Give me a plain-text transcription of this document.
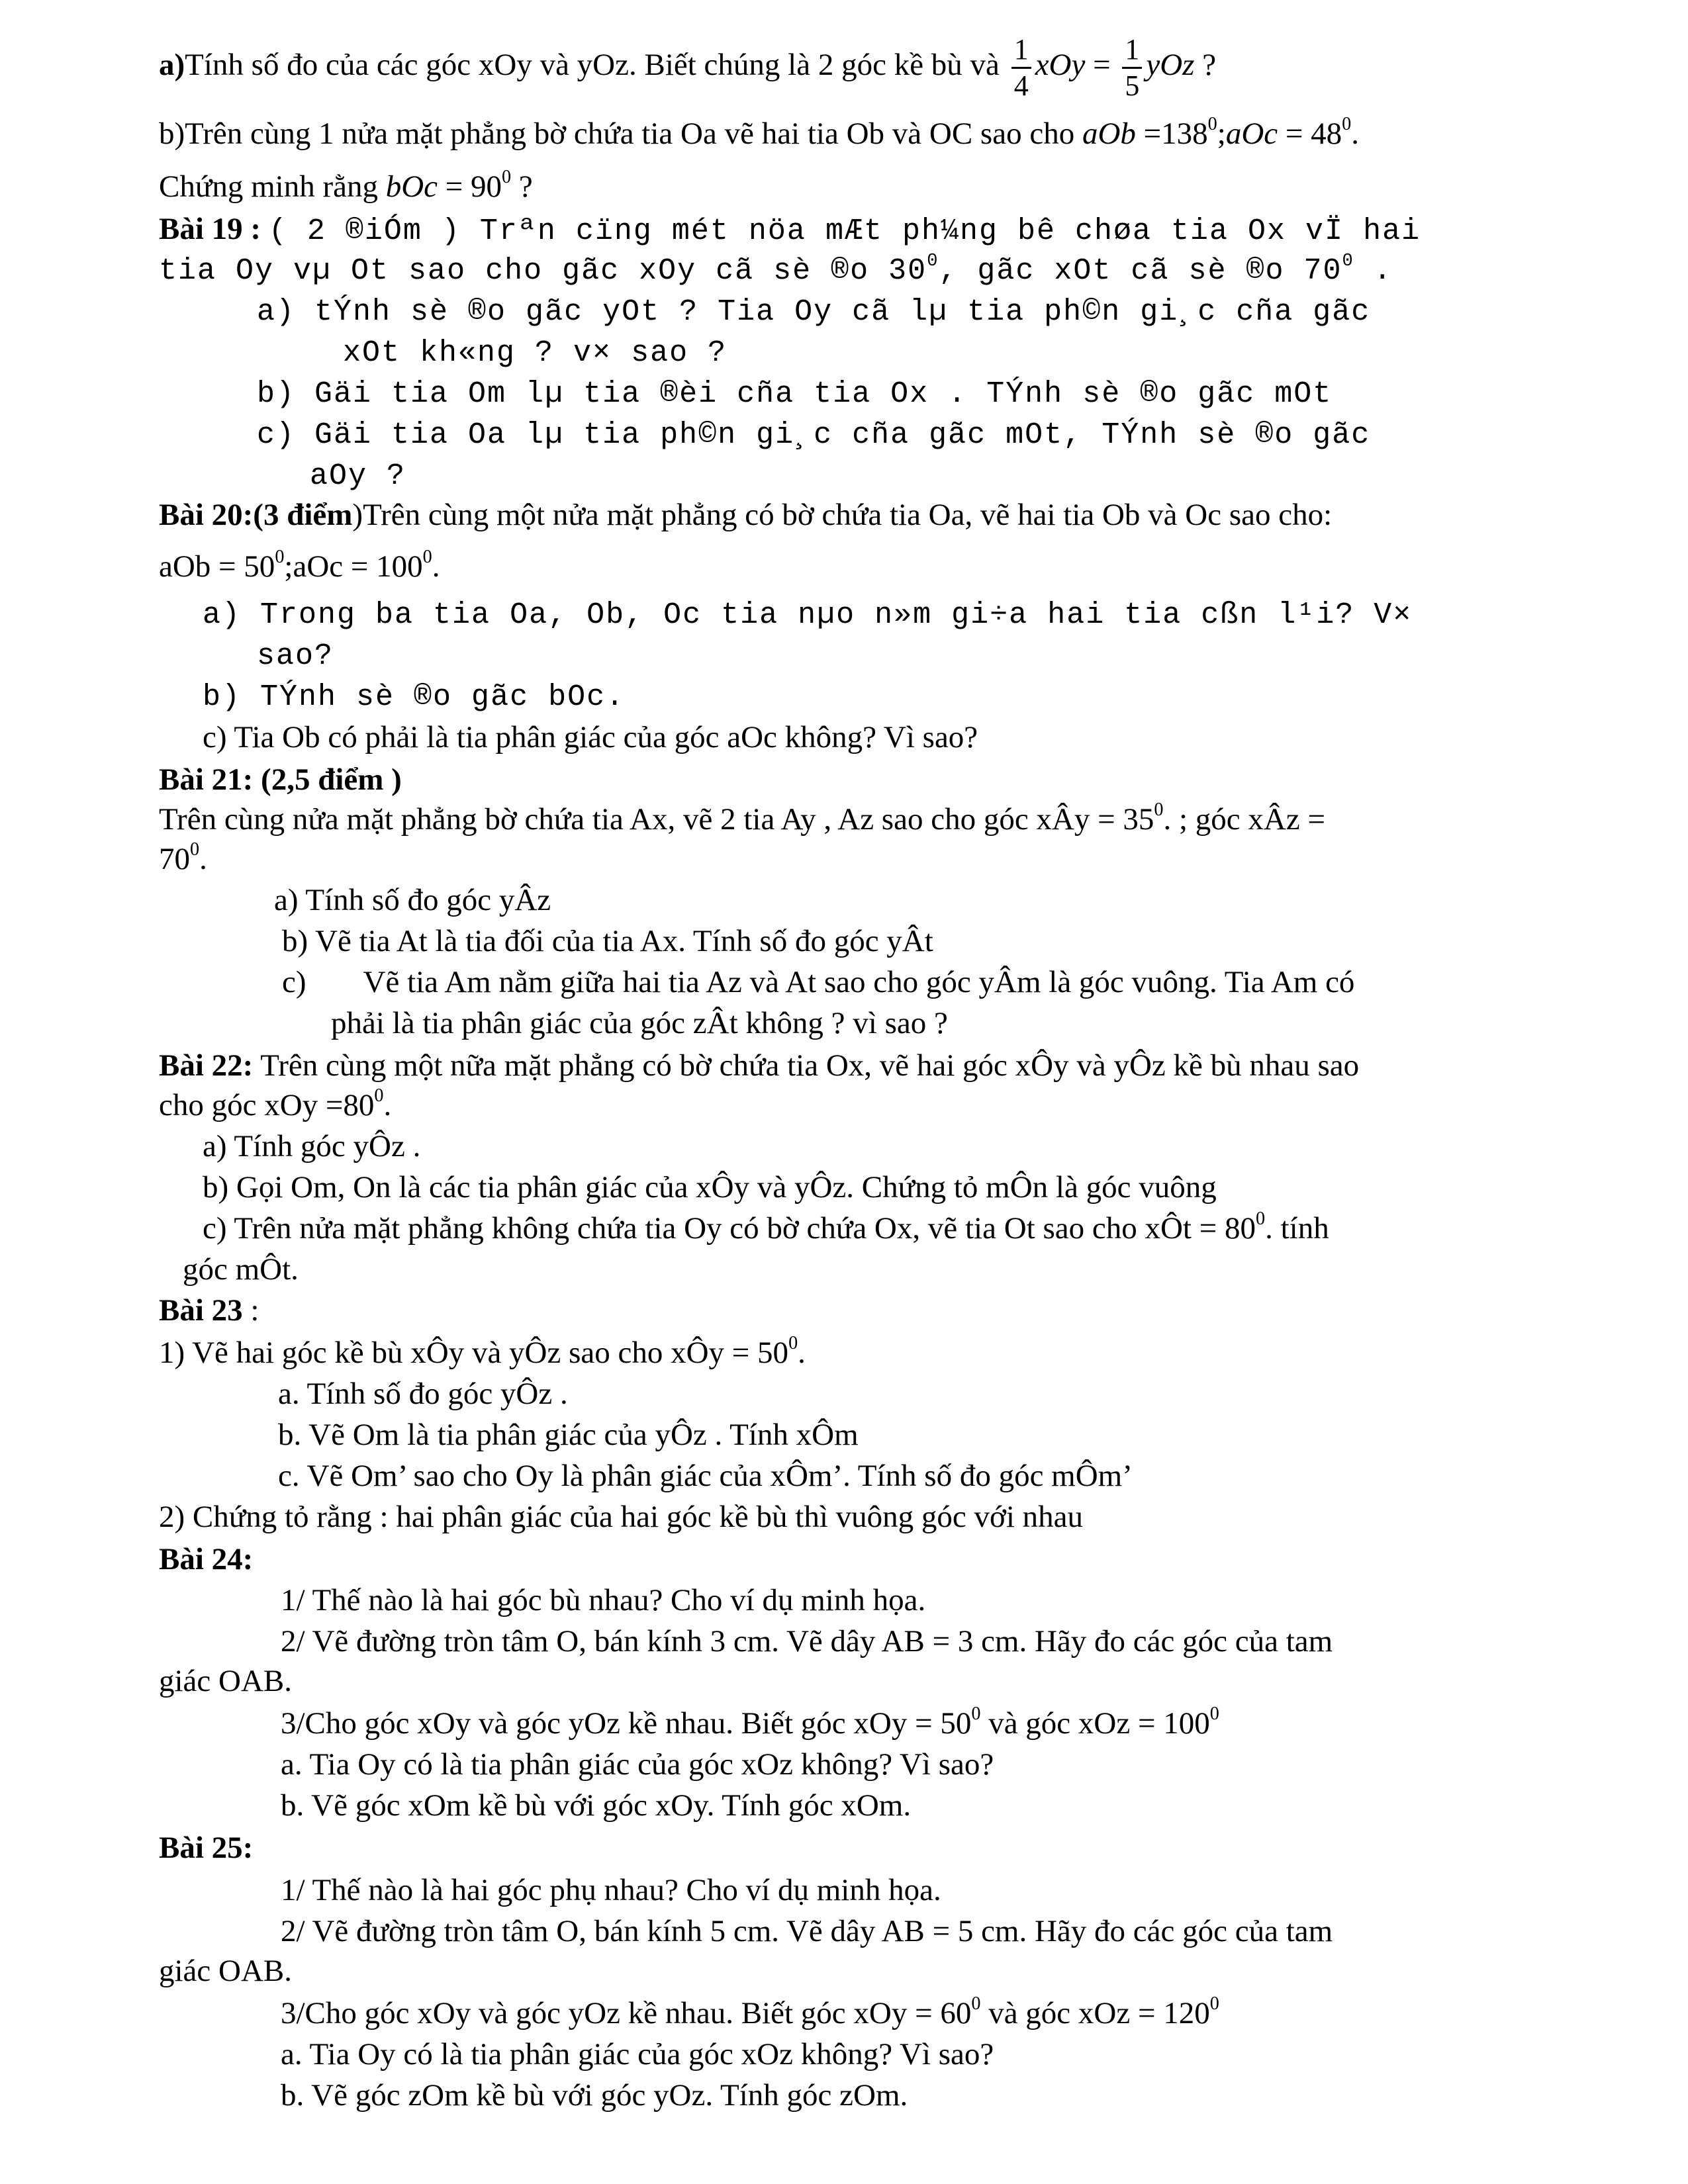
a)Tính số đo của các góc xOy và yOz. Biết chúng là 2 góc kề bù và $\frac{1}{4}$ xOy = $\frac{1}{5}$ yOz ?
b)Trên cùng 1 nửa mặt phẳng bờ chứa tia Oa vẽ hai tia Ob và OC sao cho aOb $=138^0;aOc = 48^0$.
Chứng minh rằng bOc = $90^0$ ?
Bài 19 : ( 2 ®iÓm ) Trªn cïng mét nöa mÆt ph¼ng bê chøa tia Ox vÏ hai
tia Oy vµ Ot sao cho gãc xOy cã sè ®o $30^0$, gãc xOt cã sè ®o $70^0$ .
a) tÝnh sè ®o gãc yOt ? Tia Oy cã lµ tia ph©n gi¸c cña gãc
xOt kh«ng ? v× sao ?
b) Gäi tia Om lµ tia ®èi cña tia Ox . TÝnh sè ®o gãc mOt
c) Gäi tia Oa lµ tia ph©n gi¸c cña gãc mOt, TÝnh sè ®o gãc
aOy ?
Bài 20:(3 điểm)Trên cùng một nửa mặt phẳng có bờ chứa tia Oa, vẽ hai tia Ob và Oc sao cho:
aOb = $50^0;aOc = 100^0$.
a) Trong ba tia Oa, Ob, Oc tia nµo n»m gi÷a hai tia cßn l¹i? V×
sao?
b) TÝnh sè ®o gãc bOc.
c) Tia Ob có phải là tia phân giác của góc aOc không? Vì sao?
Bài 21: (2,5 điểm )
Trên cùng nửa mặt phẳng bờ chứa tia Ax, vẽ 2 tia Ay , Az sao cho góc xÂy = $35^0$. ; góc xÂz =
$70^0$.
a) Tính số đo góc yÂz
b) Vẽ tia At là tia đối của tia Ax. Tính số đo góc yÂt
c) Vẽ tia Am nằm giữa hai tia Az và At sao cho góc yÂm là góc vuông. Tia Am có
phải là tia phân giác của góc zÂt không ? vì sao ?
Bài 22: Trên cùng một nữa mặt phẳng có bờ chứa tia Ox, vẽ hai góc xÔy và yÔz kề bù nhau sao
cho góc xOy $=80^0$.
a) Tính góc yÔz .
b) Gọi Om, On là các tia phân giác của xÔy và yÔz. Chứng tỏ mÔn là góc vuông
c) Trên nửa mặt phẳng không chứa tia Oy có bờ chứa Ox, vẽ tia Ot sao cho xÔt = $80^0$. tính
góc mÔt.
Bài 23 :
1) Vẽ hai góc kề bù xÔy và yÔz sao cho xÔy = $50^0$.
a. Tính số đo góc yÔz .
b. Vẽ Om là tia phân giác của yÔz . Tính xÔm
c. Vẽ Om’ sao cho Oy là phân giác của xÔm’. Tính số đo góc mÔm’
2) Chứng tỏ rằng : hai phân giác của hai góc kề bù thì vuông góc với nhau
Bài 24:
1/ Thế nào là hai góc bù nhau? Cho ví dụ minh họa.
2/ Vẽ đường tròn tâm O, bán kính 3 cm. Vẽ dây AB = 3 cm. Hãy đo các góc của tam
giác OAB.
3/Cho góc xOy và góc yOz kề nhau. Biết góc xOy = $50^0$ và góc xOz = $100^0$
a. Tia Oy có là tia phân giác của góc xOz không? Vì sao?
b. Vẽ góc xOm kề bù với góc xOy. Tính góc xOm.
Bài 25:
1/ Thế nào là hai góc phụ nhau? Cho ví dụ minh họa.
2/ Vẽ đường tròn tâm O, bán kính 5 cm. Vẽ dây AB = 5 cm. Hãy đo các góc của tam
giác OAB.
3/Cho góc xOy và góc yOz kề nhau. Biết góc xOy = $60^0$ và góc xOz = $120^0$
a. Tia Oy có là tia phân giác của góc xOz không? Vì sao?
b. Vẽ góc zOm kề bù với góc yOz. Tính góc zOm.
